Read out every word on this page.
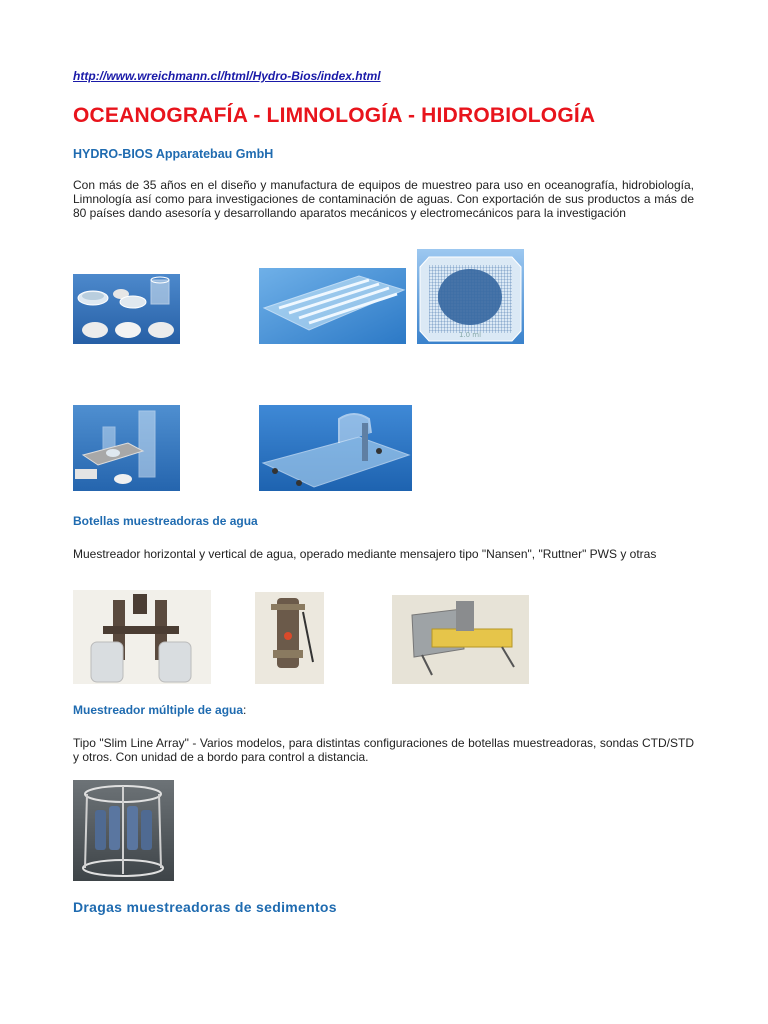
http://www.wreichmann.cl/html/Hydro-Bios/index.html
OCEANOGRAFÍA - LIMNOLOGÍA - HIDROBIOLOGÍA
HYDRO-BIOS Apparatebau GmbH
Con más de 35 años en el diseño y manufactura de equipos de muestreo para uso en oceanografía, hidrobiología, Limnología así como para investigaciones de contaminación de aguas. Con exportación de sus productos a más de 80 países dando asesoría y desarrollando aparatos mecánicos y electromecánicos para la investigación
1.0 ml
Botellas muestreadoras de agua
Muestreador horizontal y vertical de agua, operado mediante mensajero tipo "Nansen", "Ruttner" PWS y otras
Muestreador múltiple de agua:
Tipo "Slim Line Array" - Varios modelos, para distintas configuraciones de botellas muestreadoras, sondas CTD/STD y otros. Con unidad de a bordo para control a distancia.
Dragas muestreadoras de sedimentos
